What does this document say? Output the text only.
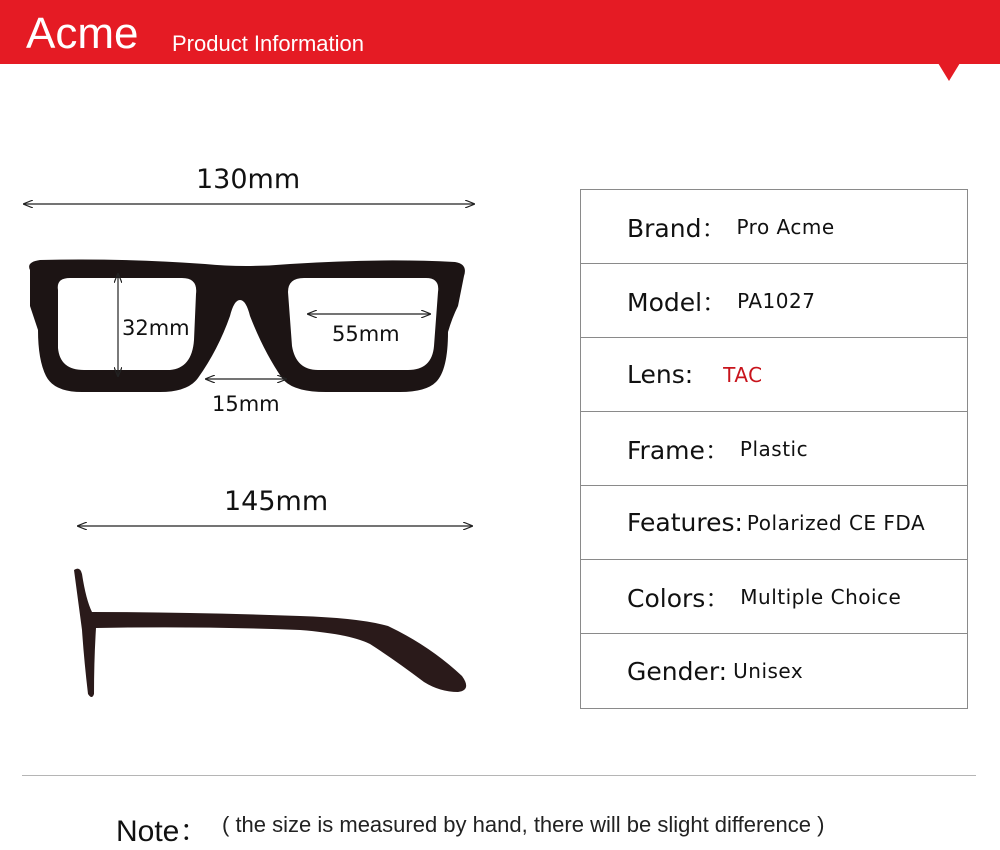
Acme Product Information
130mm
32mm	55mm
15mm
145mm
Brand： Pro Acme
Model： PA1027
Lens: TAC
Frame： Plastic
Features: Polarized CE FDA
Colors： Multiple Choice
Gender: Unisex
Note： ( the size is measured by hand, there will be slight difference )
